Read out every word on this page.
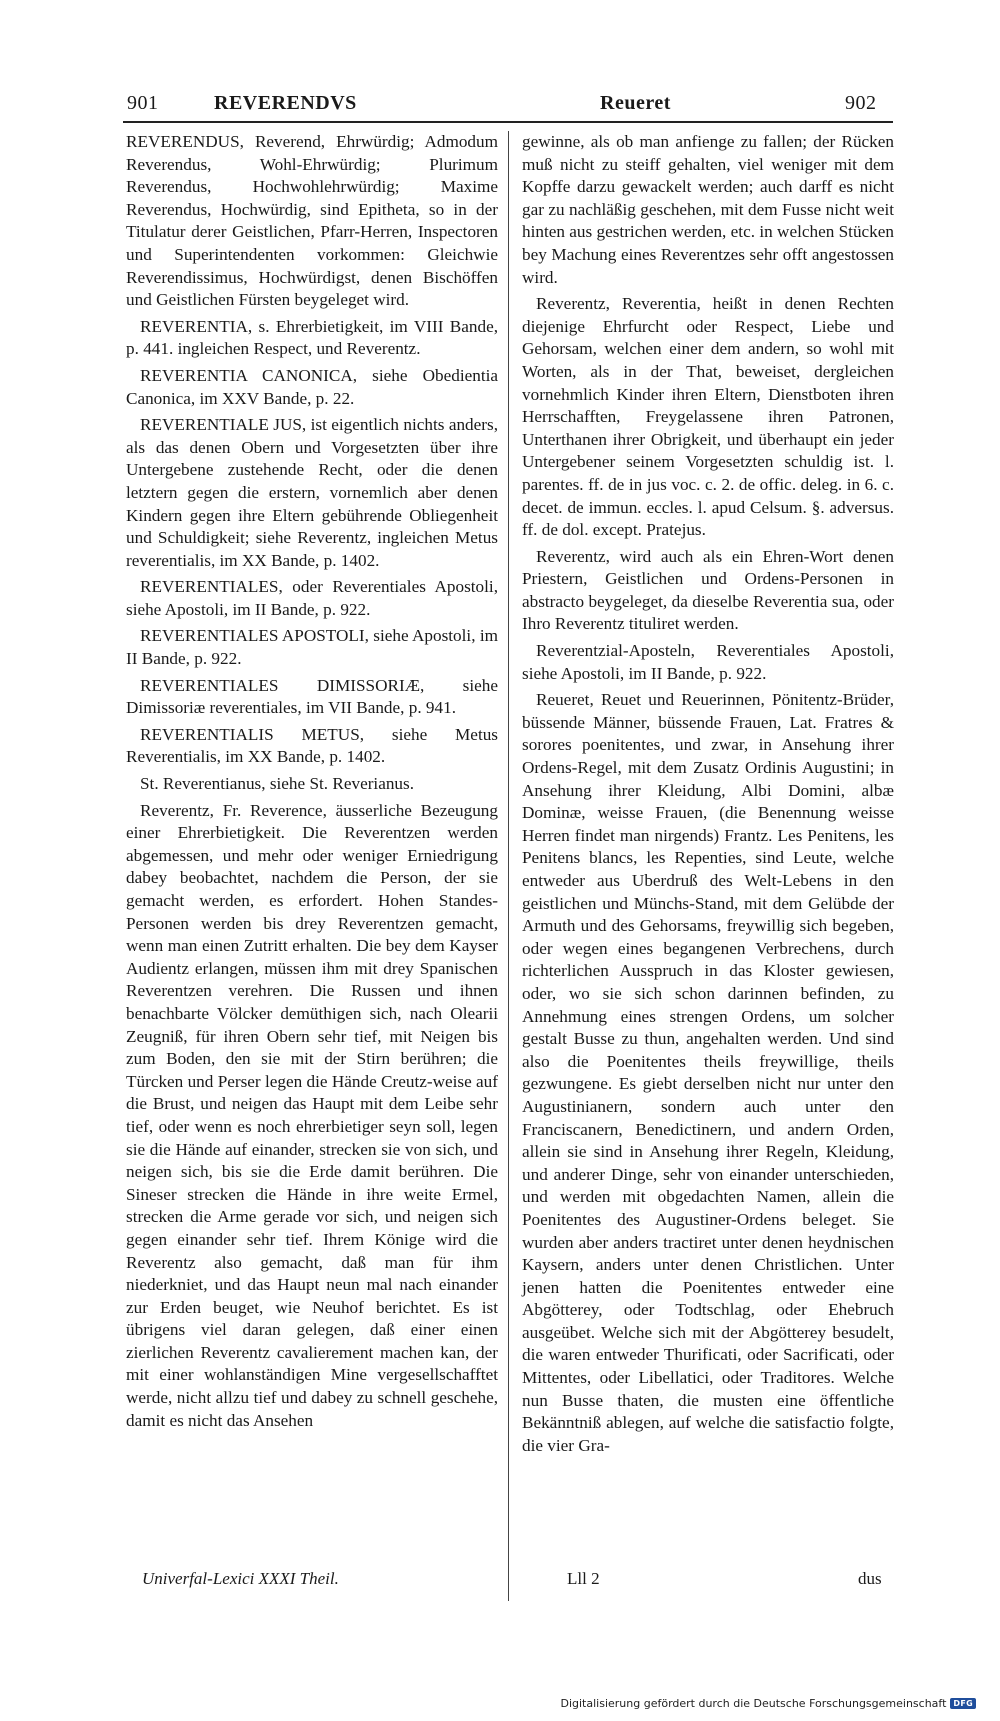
901	REVERENDVS	Reueret	902

REVERENDUS, Reverend, Ehrwürdig; Admodum Reverendus, Wohl-Ehrwürdig; Plurimum Reverendus, Hochwohlehrwürdig; Maxime Reverendus, Hochwürdig, sind Epitheta, so in der Titulatur derer Geistlichen, Pfarr-Herren, Inspectoren und Superintendenten vorkommen: Gleichwie Reverendissimus, Hochwürdigst, denen Bischöffen und Geistlichen Fürsten beygeleget wird.

REVERENTIA, s. Ehrerbietigkeit, im VIII Bande, p. 441. ingleichen Respect, und Reverentz.

REVERENTIA CANONICA, siehe Obedientia Canonica, im XXV Bande, p. 22.

REVERENTIALE JUS, ist eigentlich nichts anders, als das denen Obern und Vorgesetzten über ihre Untergebene zustehende Recht, oder die denen letztern gegen die erstern, vornemlich aber denen Kindern gegen ihre Eltern gebührende Obliegenheit und Schuldigkeit; siehe Reverentz, ingleichen Metus reverentialis, im XX Bande, p. 1402.

REVERENTIALES, oder Reverentiales Apostoli, siehe Apostoli, im II Bande, p. 922.

REVERENTIALES APOSTOLI, siehe Apostoli, im II Bande, p. 922.

REVERENTIALES DIMISSORIÆ, siehe Dimissoriæ reverentiales, im VII Bande, p. 941.

REVERENTIALIS METUS, siehe Metus Reverentialis, im XX Bande, p. 1402.

St. Reverentianus, siehe St. Reverianus.

Reverentz, Fr. Reverence, äusserliche Bezeugung einer Ehrerbietigkeit. Die Reverentzen werden abgemessen, und mehr oder weniger Erniedrigung dabey beobachtet, nachdem die Person, der sie gemacht werden, es erfordert. Hohen Standes-Personen werden bis drey Reverentzen gemacht, wenn man einen Zutritt erhalten. Die bey dem Kayser Audientz erlangen, müssen ihm mit drey Spanischen Reverentzen verehren. Die Russen und ihnen benachbarte Völcker demüthigen sich, nach Olearii Zeugniß, für ihren Obern sehr tief, mit Neigen bis zum Boden, den sie mit der Stirn berühren; die Türcken und Perser legen die Hände Creutz-weise auf die Brust, und neigen das Haupt mit dem Leibe sehr tief, oder wenn es noch ehrerbietiger seyn soll, legen sie die Hände auf einander, strecken sie von sich, und neigen sich, bis sie die Erde damit berühren. Die Sineser strecken die Hände in ihre weite Ermel, strecken die Arme gerade vor sich, und neigen sich gegen einander sehr tief. Ihrem Könige wird die Reverentz also gemacht, daß man für ihm niederkniet, und das Haupt neun mal nach einander zur Erden beuget, wie Neuhof berichtet. Es ist übrigens viel daran gelegen, daß einer einen zierlichen Reverentz cavalierement machen kan, der mit einer wohlanständigen Mine vergesellschafftet werde, nicht allzu tief und dabey zu schnell geschehe, damit es nicht das Ansehen

gewinne, als ob man anfienge zu fallen; der Rücken muß nicht zu steiff gehalten, viel weniger mit dem Kopffe darzu gewackelt werden; auch darff es nicht gar zu nachläßig geschehen, mit dem Fusse nicht weit hinten aus gestrichen werden, etc. in welchen Stücken bey Machung eines Reverentzes sehr offt angestossen wird.

Reverentz, Reverentia, heißt in denen Rechten diejenige Ehrfurcht oder Respect, Liebe und Gehorsam, welchen einer dem andern, so wohl mit Worten, als in der That, beweiset, dergleichen vornehmlich Kinder ihren Eltern, Dienstboten ihren Herrschafften, Freygelassene ihren Patronen, Unterthanen ihrer Obrigkeit, und überhaupt ein jeder Untergebener seinem Vorgesetzten schuldig ist. l. parentes. ff. de in jus voc. c. 2. de offic. deleg. in 6. c. decet. de immun. eccles. l. apud Celsum. §. adversus. ff. de dol. except. Pratejus.

Reverentz, wird auch als ein Ehren-Wort denen Priestern, Geistlichen und Ordens-Personen in abstracto beygeleget, da dieselbe Reverentia sua, oder Ihro Reverentz tituliret werden.

Reverentzial-Aposteln, Reverentiales Apostoli, siehe Apostoli, im II Bande, p. 922.

Reueret, Reuet und Reuerinnen, Pönitentz-Brüder, büssende Männer, büssende Frauen, Lat. Fratres & sorores poenitentes, und zwar, in Ansehung ihrer Ordens-Regel, mit dem Zusatz Ordinis Augustini; in Ansehung ihrer Kleidung, Albi Domini, albæ Dominæ, weisse Frauen, (die Benennung weisse Herren findet man nirgends) Frantz. Les Penitens, les Penitens blancs, les Repenties, sind Leute, welche entweder aus Uberdruß des Welt-Lebens in den geistlichen und Münchs-Stand, mit dem Gelübde der Armuth und des Gehorsams, freywillig sich begeben, oder wegen eines begangenen Verbrechens, durch richterlichen Ausspruch in das Kloster gewiesen, oder, wo sie sich schon darinnen befinden, zu Annehmung eines strengen Ordens, um solcher gestalt Busse zu thun, angehalten werden. Und sind also die Poenitentes theils freywillige, theils gezwungene. Es giebt derselben nicht nur unter den Augustinianern, sondern auch unter den Franciscanern, Benedictinern, und andern Orden, allein sie sind in Ansehung ihrer Regeln, Kleidung, und anderer Dinge, sehr von einander unterschieden, und werden mit obgedachten Namen, allein die Poenitentes des Augustiner-Ordens beleget. Sie wurden aber anders tractiret unter denen heydnischen Kaysern, anders unter denen Christlichen. Unter jenen hatten die Poenitentes entweder eine Abgötterey, oder Todtschlag, oder Ehebruch ausgeübet. Welche sich mit der Abgötterey besudelt, die waren entweder Thurificati, oder Sacrificati, oder Mittentes, oder Libellatici, oder Traditores. Welche nun Busse thaten, die musten eine öffentliche Bekänntniß ablegen, auf welche die satisfactio folgte, die vier Gra-

Univerfal-Lexici XXXI Theil.	Lll 2	dus
Digitalisierung gefördert durch die Deutsche Forschungsgemeinschaft DFG
